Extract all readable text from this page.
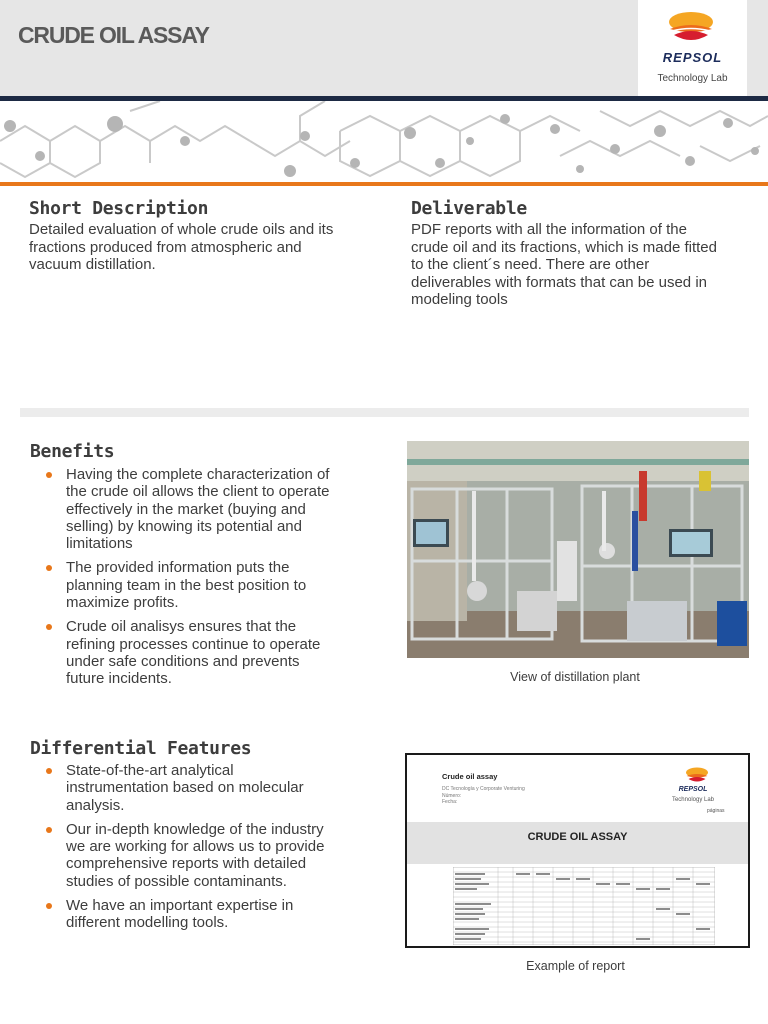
CRUDE OIL ASSAY
REPSOL
Technology Lab
Short Description
Detailed evaluation of whole crude oils and its
fractions produced from atmospheric and
vacuum distillation.
Deliverable
PDF reports with all the information of the
crude oil and its fractions, which is made fitted
to the client´s need. There are other
deliverables with formats that can be used in
modeling tools
Benefits
Having the complete characterization of
the crude oil allows the client to operate
effectively in the market (buying and
selling) by knowing its potential and
limitations
The provided information puts the
planning team in the best position to
maximize profits.
Crude oil analisys ensures that the
refining processes continue to operate
under safe conditions and prevents
future incidents.	View of distillation plant
Differential Features
State-of-the-art analytical
instrumentation based on molecular
analysis.
Our in-depth knowledge of the industry
we are working for allows us to provide
comprehensive reports with detailed
studies of possible contaminants.
We have an important expertise in
different modelling tools.
Crude oil assay
DC Tecnología y Corporate Venturing
Número:
Fecha:
REPSOL
Technology Lab
páginas
CRUDE OIL ASSAY
Example of report
